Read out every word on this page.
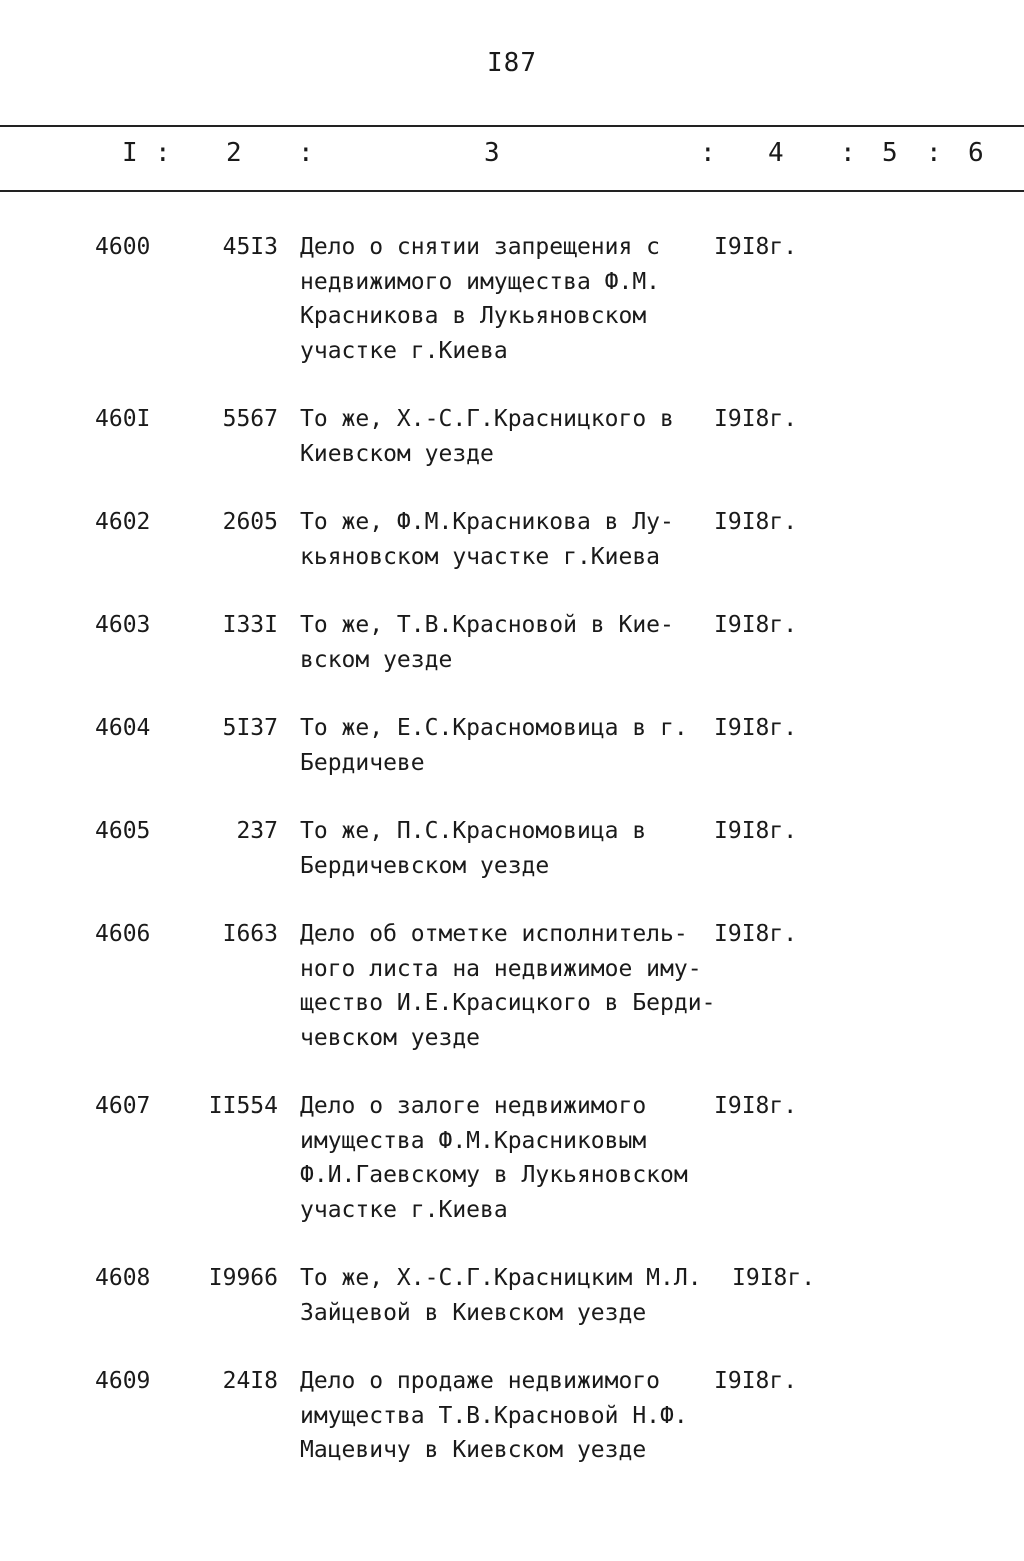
I87
I : 2 :	3	: 4 : 5 : 6
4600	45I3 Дело о снятии запрещения с
недвижимого имущества Ф.М.
Красникова в Лукьяновском
участке г.Киева
I9I8г.
460I	5567 То же, Х.-С.Г.Красницкого в
Киевском уезде
I9I8г.
4602	2605 То же, Ф.М.Красникова в Лу-
кьяновском участке г.Киева
I9I8г.
4603	I33I То же, Т.В.Красновой в Кие-
вском уезде
I9I8г.
4604	5I37 То же, Е.С.Красномовица в г.
Бердичеве
I9I8г.
4605	237 То же, П.С.Красномовица в
Бердичевском уезде
I9I8г.
4606	I663 Дело об отметке исполнитель-
ного листа на недвижимое иму-
щество И.Е.Красицкого в Берди-
чевском уезде
I9I8г.
4607	II554 Дело о залоге недвижимого
имущества Ф.М.Красниковым
Ф.И.Гаевскому в Лукьяновском
участке г.Киева
I9I8г.
4608	I9966 То же, Х.-С.Г.Красницким М.Л.
Зайцевой в Киевском уезде
I9I8г.
4609	24I8 Дело о продаже недвижимого
имущества Т.В.Красновой Н.Ф.
Мацевичу в Киевском уезде
I9I8г.
